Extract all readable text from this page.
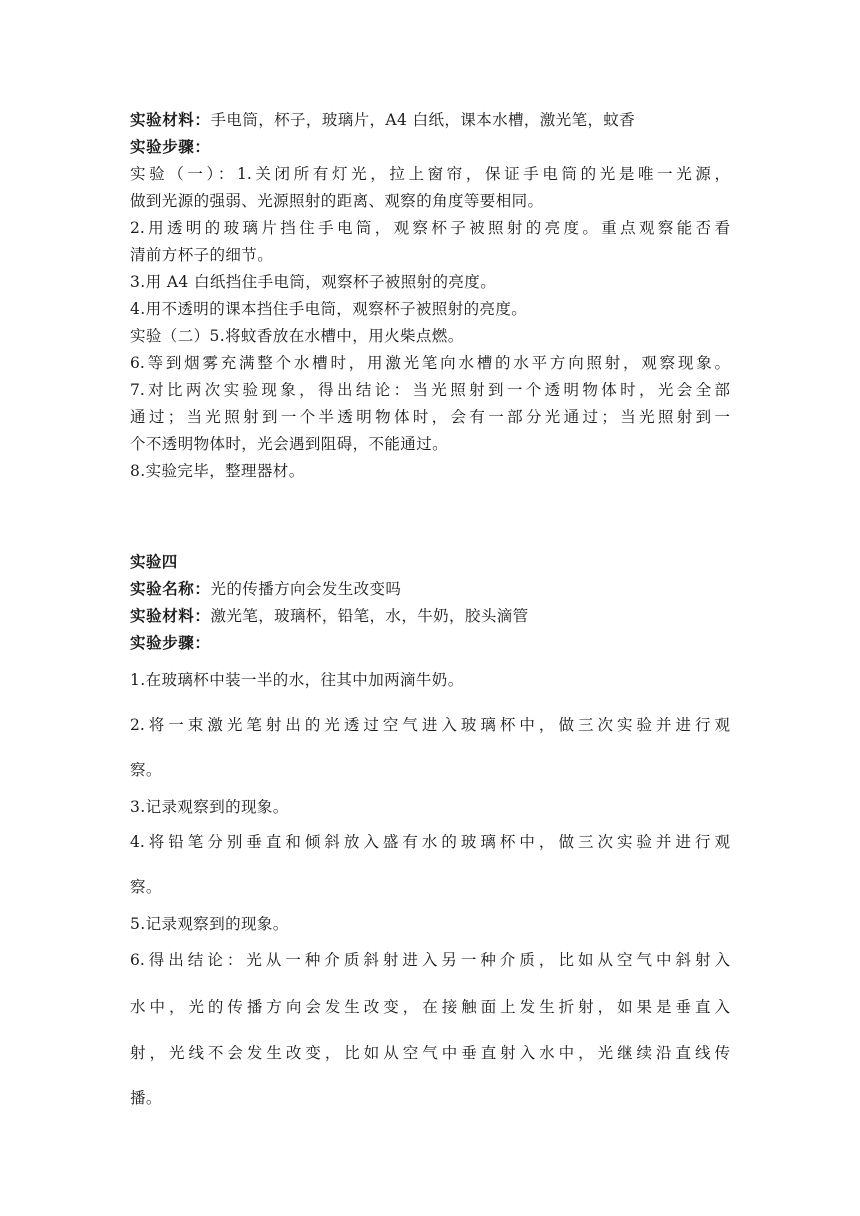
实验材料：手电筒，杯子，玻璃片，A4 白纸，课本水槽，激光笔，蚊香
实验步骤：
实验（一）：1.关闭所有灯光，拉上窗帘，保证手电筒的光是唯一光源，
做到光源的强弱、光源照射的距离、观察的角度等要相同。
2.用透明的玻璃片挡住手电筒，观察杯子被照射的亮度。重点观察能否看
清前方杯子的细节。
3.用 A4 白纸挡住手电筒，观察杯子被照射的亮度。
4.用不透明的课本挡住手电筒，观察杯子被照射的亮度。
实验（二）5.将蚊香放在水槽中，用火柴点燃。
6.等到烟雾充满整个水槽时，用激光笔向水槽的水平方向照射，观察现象。
7.对比两次实验现象，得出结论：当光照射到一个透明物体时，光会全部
通过；当光照射到一个半透明物体时，会有一部分光通过；当光照射到一
个不透明物体时，光会遇到阻碍，不能通过。
8.实验完毕，整理器材。
实验四
实验名称：光的传播方向会发生改变吗
实验材料：激光笔，玻璃杯，铅笔，水，牛奶，胶头滴管
实验步骤：
1.在玻璃杯中装一半的水，往其中加两滴牛奶。
2.将一束激光笔射出的光透过空气进入玻璃杯中，做三次实验并进行观
察。
3.记录观察到的现象。
4.将铅笔分别垂直和倾斜放入盛有水的玻璃杯中，做三次实验并进行观
察。
5.记录观察到的现象。
6.得出结论：光从一种介质斜射进入另一种介质，比如从空气中斜射入
水中，光的传播方向会发生改变，在接触面上发生折射，如果是垂直入
射，光线不会发生改变，比如从空气中垂直射入水中，光继续沿直线传
播。
